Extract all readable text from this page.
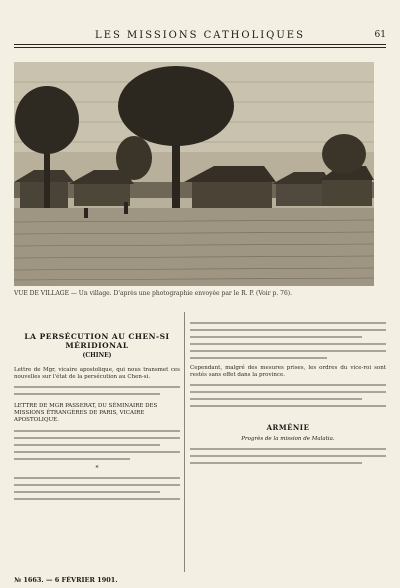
LES MISSIONS CATHOLIQUES	61
VUE DE VILLAGE — Un village. D'après une photographie envoyée par le R. P. (Voir p. 76).
LA PERSÉCUTION AU CHEN-SI MÉRIDIONAL
(CHINE)
Lettre de Mgr, vicaire apostolique, qui nous transmet ces nouvelles sur l'état de la persécution au Chen-si.
LETTRE DE MGR PASSERAT, DU SÉMINAIRE DES MISSIONS ÉTRANGÈRES DE PARIS, VICAIRE APOSTOLIQUE.
*
Cependant, malgré des mesures prises, les ordres du vice-roi sont restés sans effet dans la province.
ARMÉNIE
Progrès de la mission de Malatia.
№ 1663. — 6 FÉVRIER 1901.
